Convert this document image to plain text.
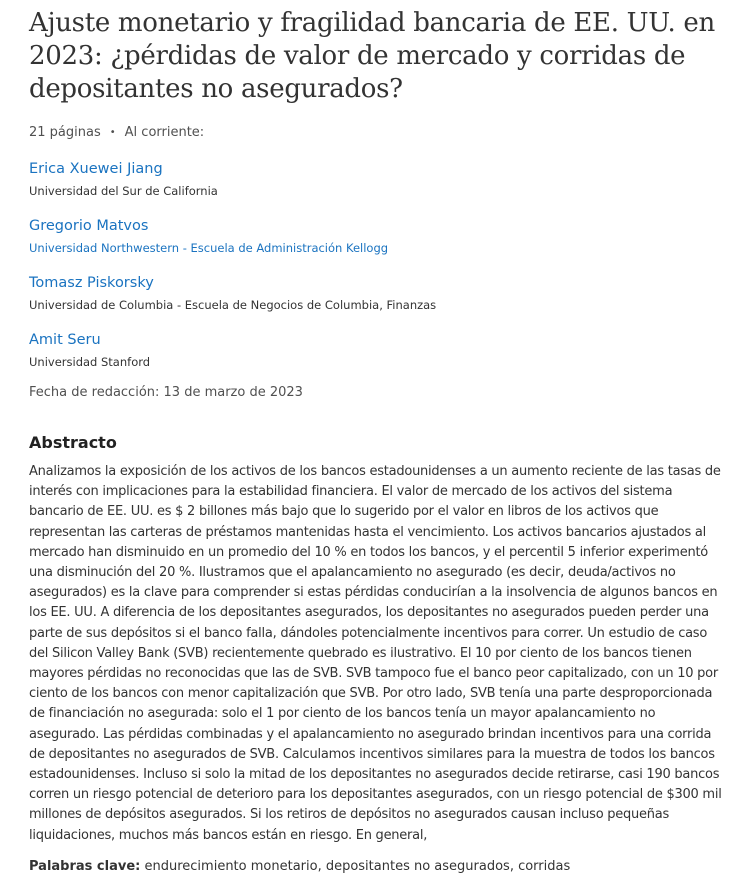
Ajuste monetario y fragilidad bancaria de EE. UU. en 2023: ¿pérdidas de valor de mercado y corridas de depositantes no asegurados?
21 páginas • Al corriente:
Erica Xuewei Jiang
Universidad del Sur de California
Gregorio Matvos
Universidad Northwestern - Escuela de Administración Kellogg
Tomasz Piskorsky
Universidad de Columbia - Escuela de Negocios de Columbia, Finanzas
Amit Seru
Universidad Stanford
Fecha de redacción: 13 de marzo de 2023
Abstracto
Analizamos la exposición de los activos de los bancos estadounidenses a un aumento reciente de las tasas de interés con implicaciones para la estabilidad financiera. El valor de mercado de los activos del sistema bancario de EE. UU. es $ 2 billones más bajo que lo sugerido por el valor en libros de los activos que representan las carteras de préstamos mantenidas hasta el vencimiento. Los activos bancarios ajustados al mercado han disminuido en un promedio del 10 % en todos los bancos, y el percentil 5 inferior experimentó una disminución del 20 %. Ilustramos que el apalancamiento no asegurado (es decir, deuda/activos no asegurados) es la clave para comprender si estas pérdidas conducirían a la insolvencia de algunos bancos en los EE. UU. A diferencia de los depositantes asegurados, los depositantes no asegurados pueden perder una parte de sus depósitos si el banco falla, dándoles potencialmente incentivos para correr. Un estudio de caso del Silicon Valley Bank (SVB) recientemente quebrado es ilustrativo. El 10 por ciento de los bancos tienen mayores pérdidas no reconocidas que las de SVB. SVB tampoco fue el banco peor capitalizado, con un 10 por ciento de los bancos con menor capitalización que SVB. Por otro lado, SVB tenía una parte desproporcionada de financiación no asegurada: solo el 1 por ciento de los bancos tenía un mayor apalancamiento no asegurado. Las pérdidas combinadas y el apalancamiento no asegurado brindan incentivos para una corrida de depositantes no asegurados de SVB. Calculamos incentivos similares para la muestra de todos los bancos estadounidenses. Incluso si solo la mitad de los depositantes no asegurados decide retirarse, casi 190 bancos corren un riesgo potencial de deterioro para los depositantes asegurados, con un riesgo potencial de $300 mil millones de depósitos asegurados. Si los retiros de depósitos no asegurados causan incluso pequeñas liquidaciones, muchos más bancos están en riesgo. En general,
Palabras clave: endurecimiento monetario, depositantes no asegurados, corridas
